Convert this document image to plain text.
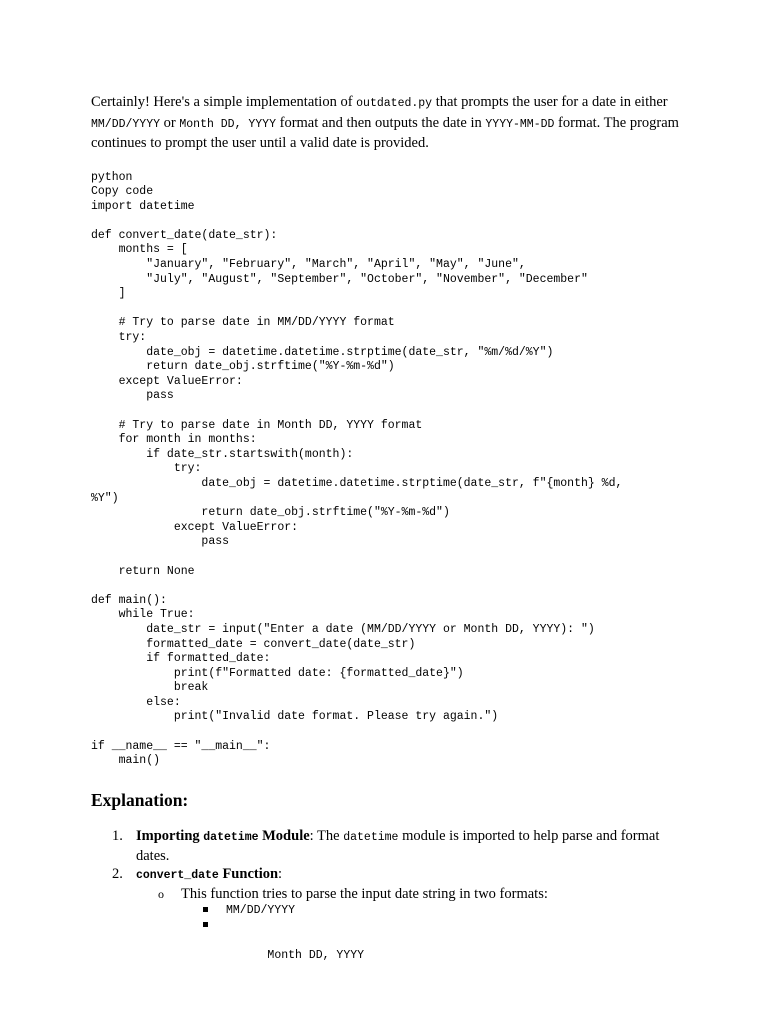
Certainly! Here's a simple implementation of outdated.py that prompts the user for a date in either MM/DD/YYYY or Month DD, YYYY format and then outputs the date in YYYY-MM-DD format. The program continues to prompt the user until a valid date is provided.

python
Copy code
import datetime

def convert_date(date_str):
months = [
"January", "February", "March", "April", "May", "June",
"July", "August", "September", "October", "November", "December"
]

# Try to parse date in MM/DD/YYYY format
try:
date_obj = datetime.datetime.strptime(date_str, "%m/%d/%Y")
return date_obj.strftime("%Y-%m-%d")
except ValueError:
pass

# Try to parse date in Month DD, YYYY format
for month in months:
if date_str.startswith(month):
try:
date_obj = datetime.datetime.strptime(date_str, f"{month} %d,
%Y")
return date_obj.strftime("%Y-%m-%d")
except ValueError:
pass

return None

def main():
while True:
date_str = input("Enter a date (MM/DD/YYYY or Month DD, YYYY): ")
formatted_date = convert_date(date_str)
if formatted_date:
print(f"Formatted date: {formatted_date}")
break
else:
print("Invalid date format. Please try again.")

if __name__ == "__main__":
main()
Explanation:
1. Importing datetime Module: The datetime module is imported to help parse and format dates.
2. convert_date Function:
o This function tries to parse the input date string in two formats:
MM/DD/YYYY

Month DD, YYYY
